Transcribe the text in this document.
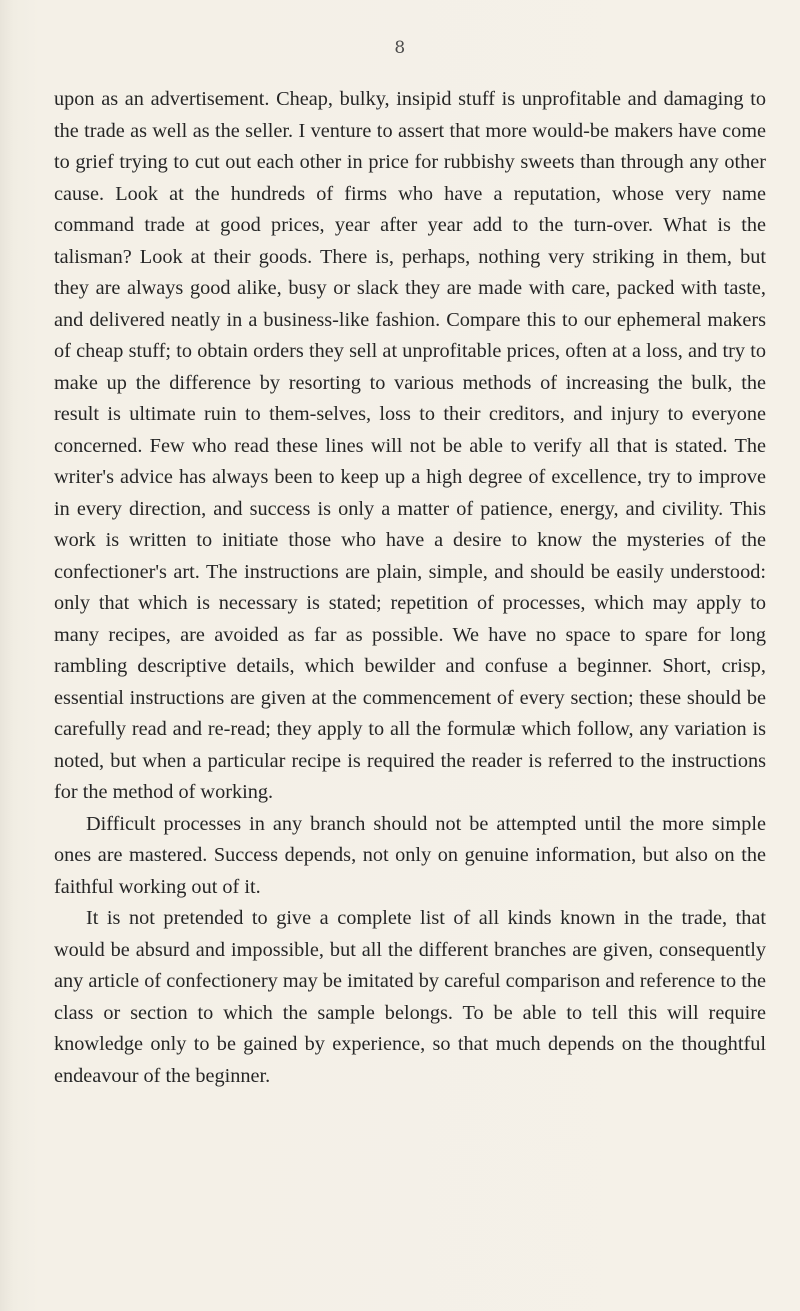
8

upon as an advertisement. Cheap, bulky, insipid stuff is unprofitable and damaging to the trade as well as the seller. I venture to assert that more would-be makers have come to grief trying to cut out each other in price for rubbishy sweets than through any other cause. Look at the hundreds of firms who have a reputation, whose very name command trade at good prices, year after year add to the turn-over. What is the talisman? Look at their goods. There is, perhaps, nothing very striking in them, but they are always good alike, busy or slack they are made with care, packed with taste, and delivered neatly in a business-like fashion. Compare this to our ephemeral makers of cheap stuff; to obtain orders they sell at unprofitable prices, often at a loss, and try to make up the difference by resorting to various methods of increasing the bulk, the result is ultimate ruin to them-selves, loss to their creditors, and injury to everyone concerned. Few who read these lines will not be able to verify all that is stated. The writer's advice has always been to keep up a high degree of excellence, try to improve in every direction, and success is only a matter of patience, energy, and civility. This work is written to initiate those who have a desire to know the mysteries of the confectioner's art. The instructions are plain, simple, and should be easily understood: only that which is necessary is stated; repetition of processes, which may apply to many recipes, are avoided as far as possible. We have no space to spare for long rambling descriptive details, which bewilder and confuse a beginner. Short, crisp, essential instructions are given at the commencement of every section; these should be carefully read and re-read; they apply to all the formulæ which follow, any variation is noted, but when a particular recipe is required the reader is referred to the instructions for the method of working.

Difficult processes in any branch should not be attempted until the more simple ones are mastered. Success depends, not only on genuine information, but also on the faithful working out of it.

It is not pretended to give a complete list of all kinds known in the trade, that would be absurd and impossible, but all the different branches are given, consequently any article of confectionery may be imitated by careful comparison and reference to the class or section to which the sample belongs. To be able to tell this will require knowledge only to be gained by experience, so that much depends on the thoughtful endeavour of the beginner.
